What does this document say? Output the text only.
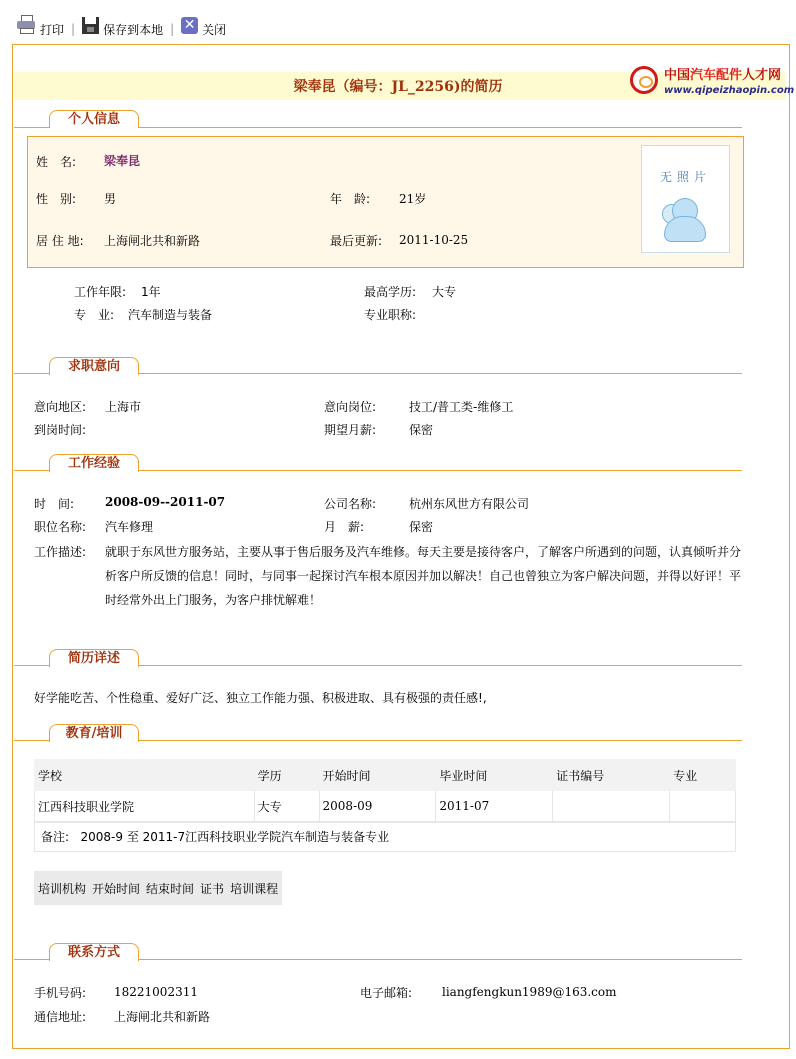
打印 | 保存到本地 | ✕ 关闭
梁奉昆（编号：JL_2256)的简历
中国汽车配件人才网
www.qipeizhaopin.com
个人信息
姓　名: 梁奉昆
性　别: 男	年　龄: 21岁
居 住 地: 上海闸北共和新路	最后更新: 2011-10-25
无照片
工作年限: 1年	最高学历: 大专
专　业: 汽车制造与装备	专业职称:
求职意向
意向地区: 上海市	意向岗位:	技工/普工类-维修工
到岗时间:	期望月薪:	保密
工作经验
时　间:	2008-09--2011-07	公司名称:	杭州东风世方有限公司
职位名称: 汽车修理	月　薪:	保密
工作描述: 就职于东风世方服务站，主要从事于售后服务及汽车维修。每天主要是接待客户，了解客户所遇到的问题，认真倾听并分析客户所反馈的信息！同时，与同事一起探讨汽车根本原因并加以解决！自己也曾独立为客户解决问题，并得以好评！平时经常外出上门服务，为客户排忧解难！
简历详述
好学能吃苦、个性稳重、爱好广泛、独立工作能力强、积极进取、具有极强的责任感!,
教育/培训
学校	学历	开始时间	毕业时间	证书编号	专业
江西科技职业学院	大专	2008-09	2011-07		
备注: 2008-9 至 2011-7江西科技职业学院汽车制造与装备专业
培训机构 开始时间 结束时间 证书 培训课程
联系方式
手机号码: 18221002311	电子邮箱: liangfengkun1989@163.com
通信地址: 上海闸北共和新路
